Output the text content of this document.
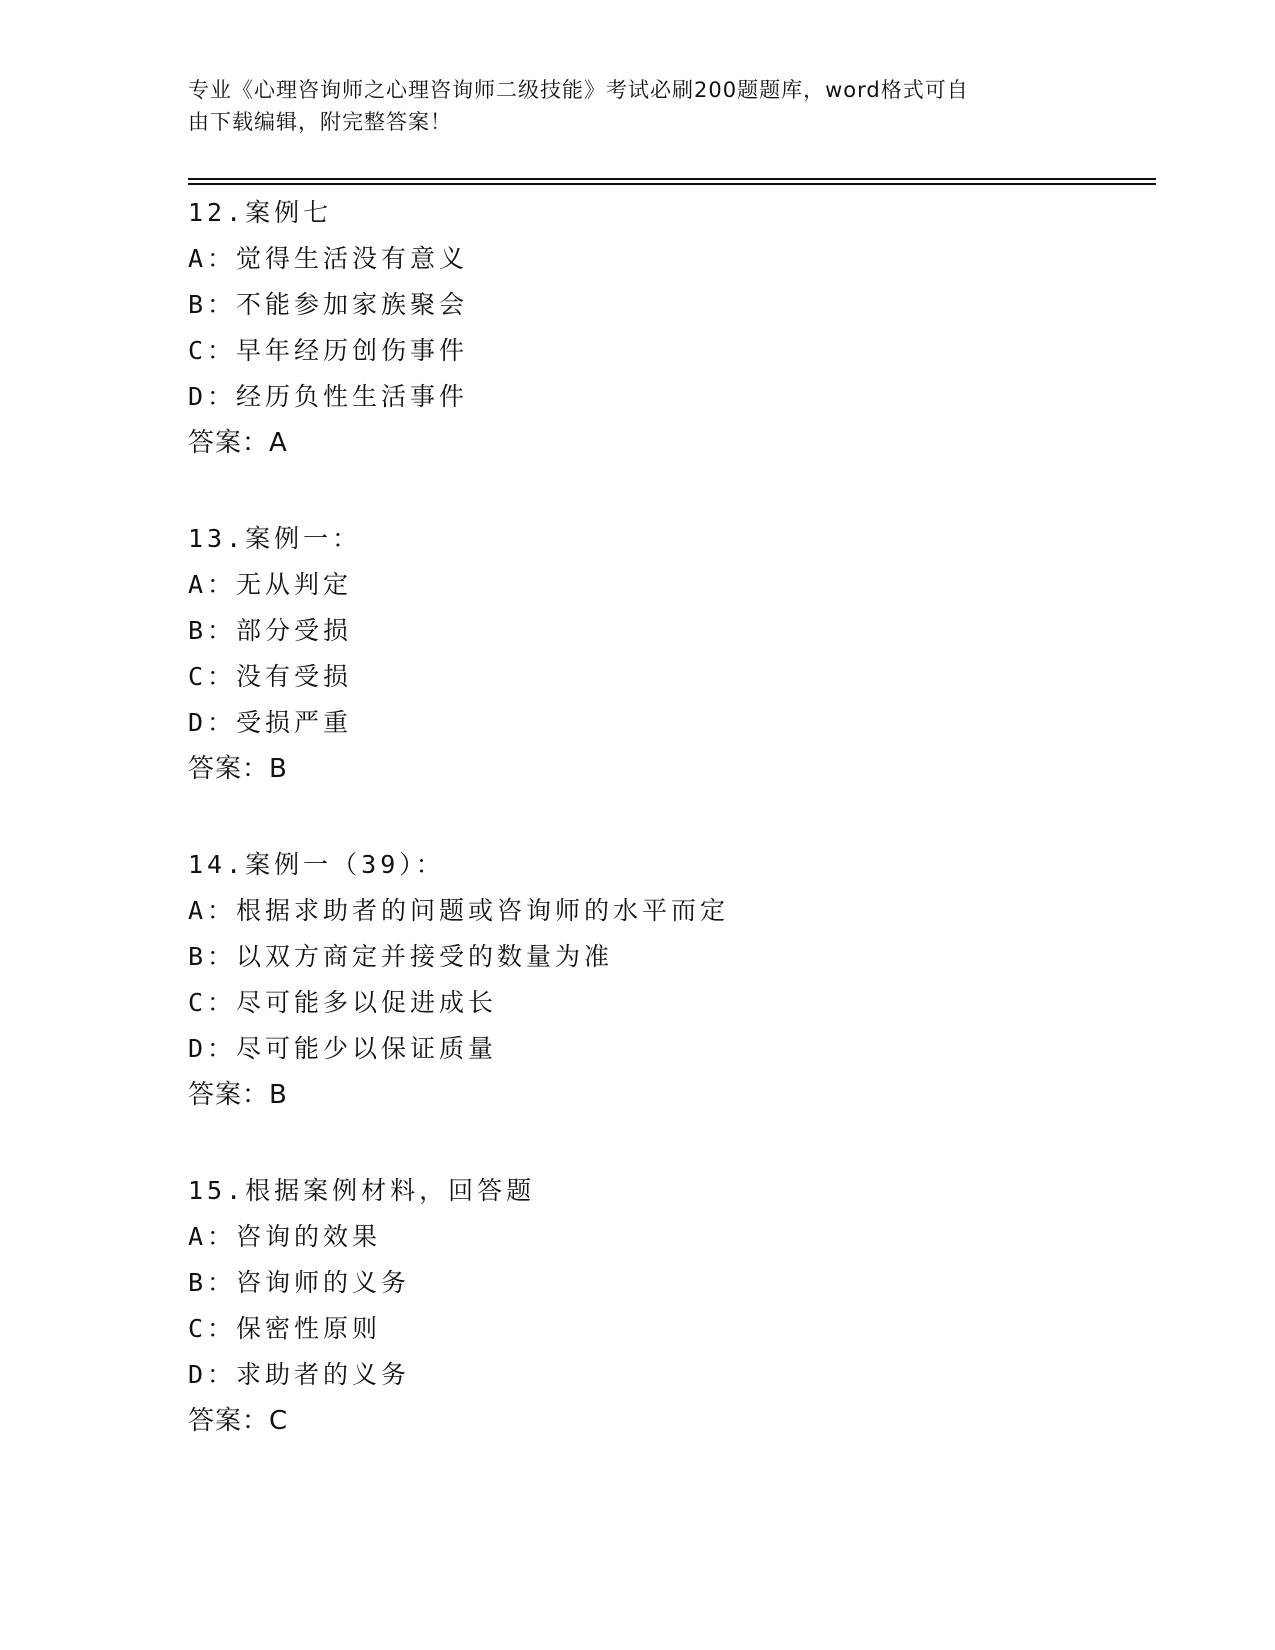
专业《心理咨询师之心理咨询师二级技能》考试必刷200题题库，word格式可自
由下载编辑，附完整答案！
12.案例七
A：觉得生活没有意义
B：不能参加家族聚会
C：早年经历创伤事件
D：经历负性生活事件
答案：A
13.案例一：
A：无从判定
B：部分受损
C：没有受损
D：受损严重
答案：B
14.案例一（39）：
A：根据求助者的问题或咨询师的水平而定
B：以双方商定并接受的数量为准
C：尽可能多以促进成长
D：尽可能少以保证质量
答案：B
15.根据案例材料，回答题
A：咨询的效果
B：咨询师的义务
C：保密性原则
D：求助者的义务
答案：C
